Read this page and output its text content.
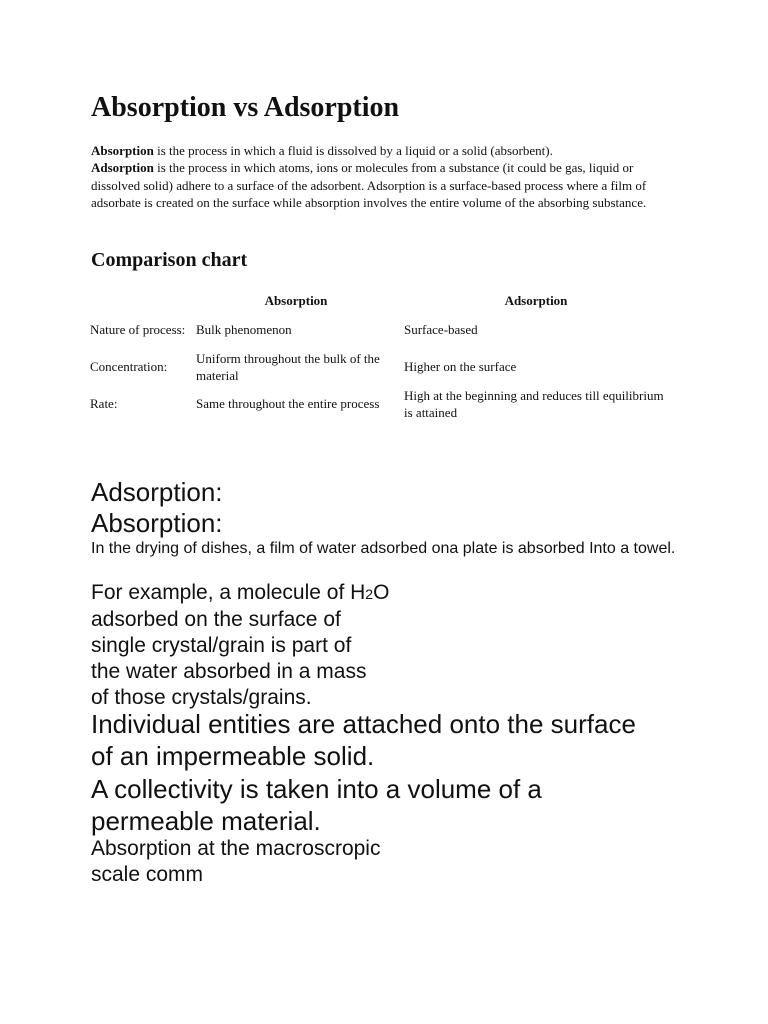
Absorption vs Adsorption

Absorption is the process in which a fluid is dissolved by a liquid or a solid (absorbent).

Adsorption is the process in which atoms, ions or molecules from a substance (it could be gas, liquid or dissolved solid) adhere to a surface of the adsorbent. Adsorption is a surface-based process where a film of adsorbate is created on the surface while absorption involves the entire volume of the absorbing substance.

Comparison chart
	Absorption	Adsorption
Nature of process:	Bulk phenomenon	Surface-based
Concentration:	Uniform throughout the bulk of the material	Higher on the surface
Rate:	Same throughout the entire process	High at the beginning and reduces till equilibrium is attained

Adsorption:

Absorption:

In the drying of dishes, a film of water adsorbed ona plate is absorbed Into a towel.

For example, a molecule of H2O
adsorbed on the surface of
single crystal/grain is part of
the water absorbed in a mass
of those crystals/grains.
Individual entities are attached onto the surface
of an impermeable solid.
A collectivity is taken into a volume of a
permeable material.
Absorption at the macroscropic
scale comm
